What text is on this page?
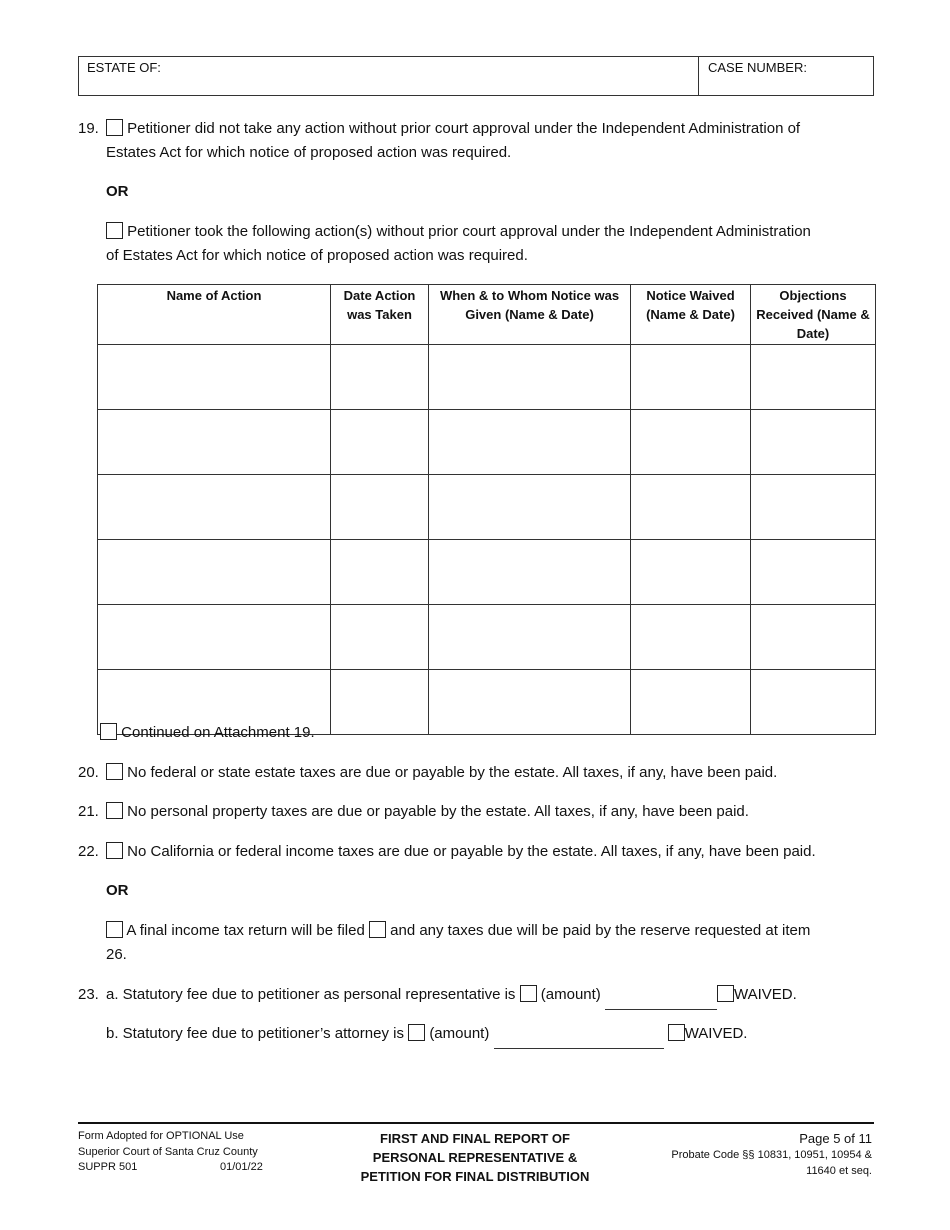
ESTATE OF:	CASE NUMBER:
19.	Petitioner did not take any action without prior court approval under the Independent Administration of
Estates Act for which notice of proposed action was required.
OR
Petitioner took the following action(s) without prior court approval under the Independent Administration
of Estates Act for which notice of proposed action was required.
Name of Action	Date Action was Taken	When & to Whom Notice was Given (Name & Date)	Notice Waived (Name & Date)	Objections Received (Name & Date)

Continued on Attachment 19.
20.	No federal or state estate taxes are due or payable by the estate. All taxes, if any, have been paid.
21.	No personal property taxes are due or payable by the estate. All taxes, if any, have been paid.
22.	No California or federal income taxes are due or payable by the estate. All taxes, if any, have been paid.
OR
A final income tax return will be filed and any taxes due will be paid by the reserve requested at item
26.
23. a. Statutory fee due to petitioner as personal representative is (amount)	WAIVED.
b. Statutory fee due to petitioner’s attorney is (amount)	WAIVED.
Form Adopted for OPTIONAL Use
Superior Court of Santa Cruz County
SUPPR 501	01/01/22
FIRST AND FINAL REPORT OF
PERSONAL REPRESENTATIVE &
PETITION FOR FINAL DISTRIBUTION
Page 5 of 11
Probate Code §§ 10831, 10951, 10954 &
11640 et seq.
